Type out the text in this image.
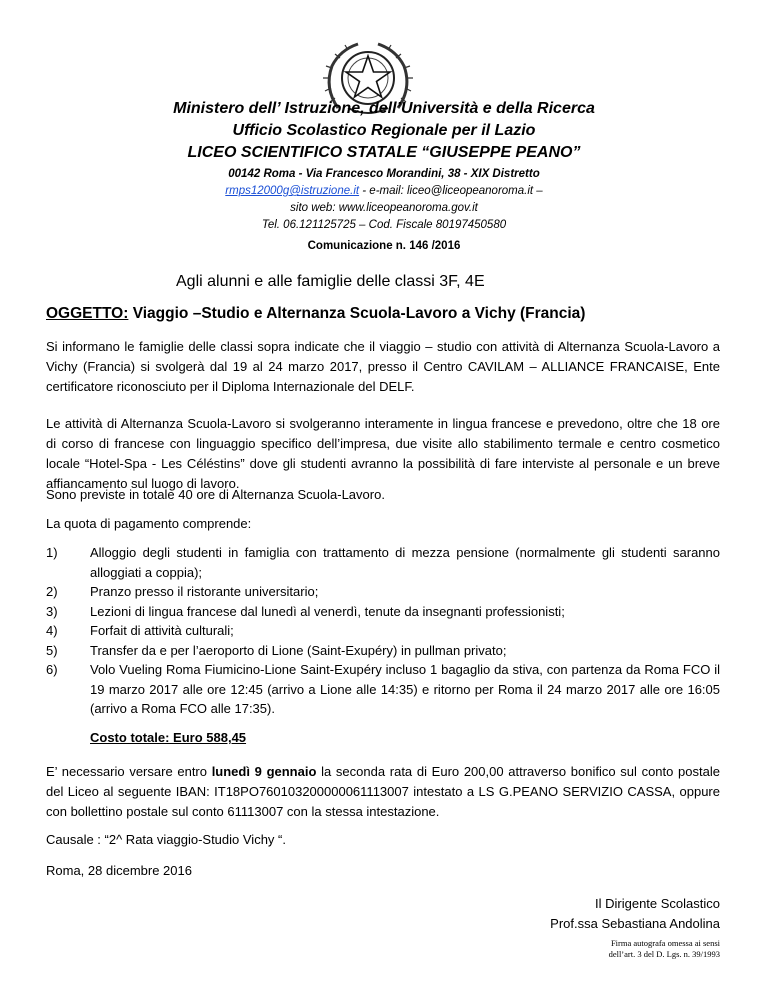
Ministero dell’ Istruzione, dell’Università e della Ricerca
Ufficio Scolastico Regionale per il Lazio
LICEO SCIENTIFICO STATALE “GIUSEPPE PEANO”
00142 Roma - Via Francesco Morandini, 38 - XIX Distretto
rmps12000g@istruzione.it - e-mail: liceo@liceopeanoroma.it –
sito web: www.liceopeanoroma.gov.it
Tel. 06.121125725 – Cod. Fiscale 80197450580
Comunicazione n. 146 /2016
Agli alunni e alle famiglie delle classi 3F, 4E
OGGETTO: Viaggio –Studio e Alternanza Scuola-Lavoro a Vichy (Francia)
Si informano le famiglie delle classi sopra indicate che il viaggio – studio con attività di Alternanza Scuola-Lavoro a Vichy (Francia) si svolgerà dal 19 al 24 marzo 2017, presso il Centro CAVILAM – ALLIANCE FRANCAISE, Ente certificatore riconosciuto per il Diploma Internazionale del DELF.
Le attività di Alternanza Scuola-Lavoro si svolgeranno interamente in lingua francese e prevedono, oltre che 18 ore di corso di francese con linguaggio specifico dell’impresa, due visite allo stabilimento termale e centro cosmetico locale “Hotel-Spa - Les Céléstins” dove gli studenti avranno la possibilità di fare interviste al personale e un breve affiancamento sul luogo di lavoro.
Sono previste in totale 40 ore di Alternanza Scuola-Lavoro.
La quota di pagamento comprende:
1)	Alloggio degli studenti in famiglia con trattamento di mezza pensione (normalmente gli studenti saranno alloggiati a coppia);
2)	Pranzo presso il ristorante universitario;
3)	Lezioni di lingua francese dal lunedì al venerdì, tenute da insegnanti professionisti;
4)	Forfait di attività culturali;
5)	Transfer da e per l’aeroporto di Lione (Saint-Exupéry) in pullman privato;
6)	Volo Vueling Roma Fiumicino-Lione Saint-Exupéry incluso 1 bagaglio da stiva, con partenza da Roma FCO il 19 marzo 2017 alle ore 12:45 (arrivo a Lione alle 14:35) e ritorno per Roma il 24 marzo 2017 alle ore 16:05 (arrivo a Roma FCO alle 17:35).
Costo totale: Euro 588,45
E’ necessario versare entro lunedì 9 gennaio la seconda rata di Euro 200,00 attraverso bonifico sul conto postale del Liceo al seguente IBAN: IT18PO760103200000061113007 intestato a LS G.PEANO SERVIZIO CASSA, oppure con bollettino postale sul conto 61113007 con la stessa intestazione.
Causale : “2^ Rata viaggio-Studio Vichy “.
Roma, 28 dicembre 2016
Il Dirigente Scolastico
Prof.ssa Sebastiana Andolina
Firma autografa omessa ai sensi
dell’art. 3 del D. Lgs. n. 39/1993
